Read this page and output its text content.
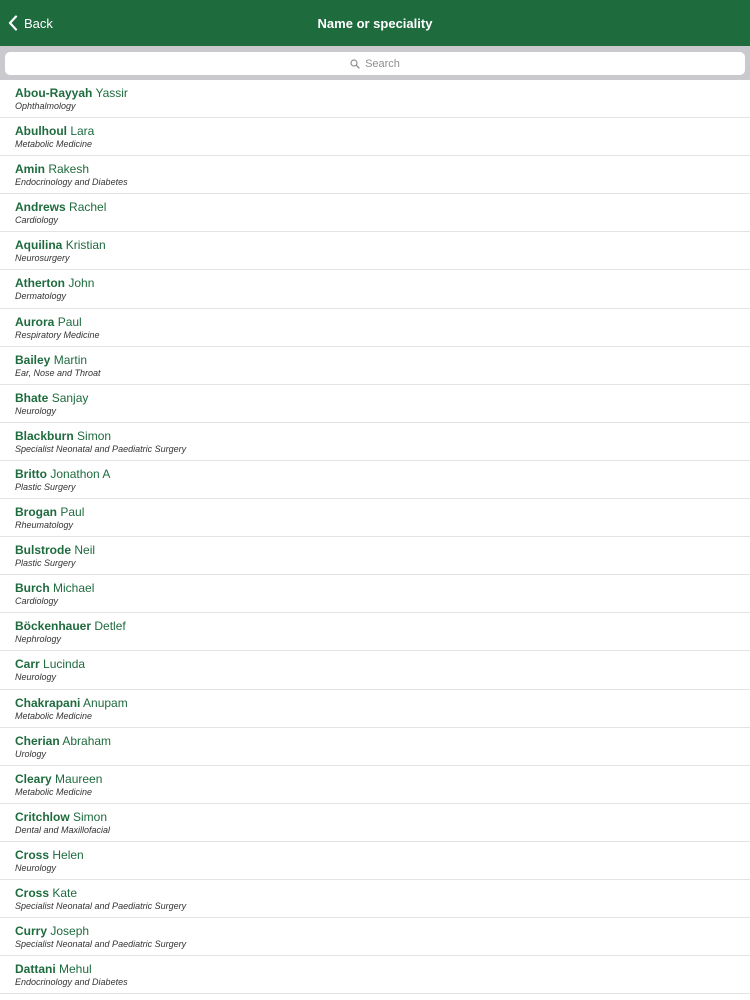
Back	Name or speciality
Search
Abou-Rayyah Yassir
Ophthalmology
Abulhoul Lara
Metabolic Medicine
Amin Rakesh
Endocrinology and Diabetes
Andrews Rachel
Cardiology
Aquilina Kristian
Neurosurgery
Atherton John
Dermatology
Aurora Paul
Respiratory Medicine
Bailey Martin
Ear, Nose and Throat
Bhate Sanjay
Neurology
Blackburn Simon
Specialist Neonatal and Paediatric Surgery
Britto Jonathon A
Plastic Surgery
Brogan Paul
Rheumatology
Bulstrode Neil
Plastic Surgery
Burch Michael
Cardiology
Böckenhauer Detlef
Nephrology
Carr Lucinda
Neurology
Chakrapani Anupam
Metabolic Medicine
Cherian Abraham
Urology
Cleary Maureen
Metabolic Medicine
Critchlow Simon
Dental and Maxillofacial
Cross Helen
Neurology
Cross Kate
Specialist Neonatal and Paediatric Surgery
Curry Joseph
Specialist Neonatal and Paediatric Surgery
Dattani Mehul
Endocrinology and Diabetes
